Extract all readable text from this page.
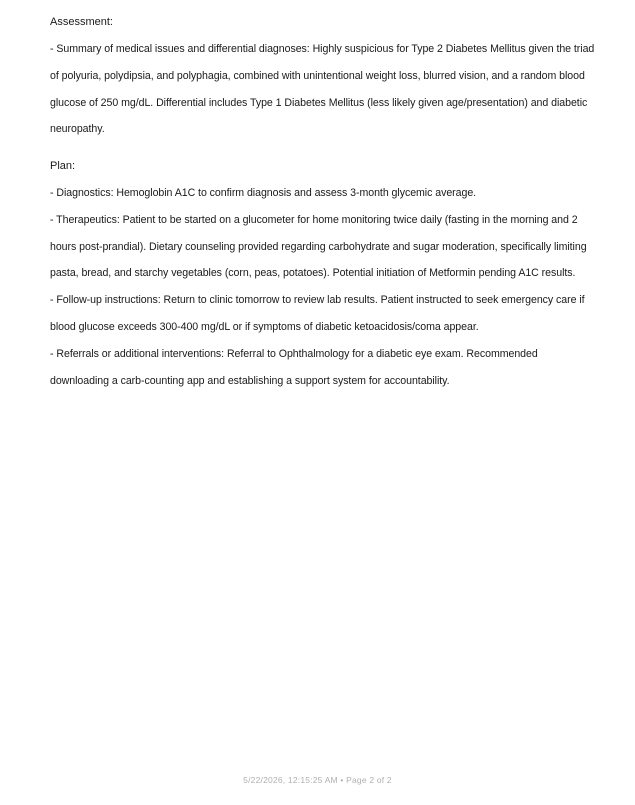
Assessment:

- Summary of medical issues and differential diagnoses: Highly suspicious for Type 2 Diabetes Mellitus given the triad of polyuria, polydipsia, and polyphagia, combined with unintentional weight loss, blurred vision, and a random blood glucose of 250 mg/dL. Differential includes Type 1 Diabetes Mellitus (less likely given age/presentation) and diabetic neuropathy.

Plan:

- Diagnostics: Hemoglobin A1C to confirm diagnosis and assess 3-month glycemic average.

- Therapeutics: Patient to be started on a glucometer for home monitoring twice daily (fasting in the morning and 2 hours post-prandial). Dietary counseling provided regarding carbohydrate and sugar moderation, specifically limiting pasta, bread, and starchy vegetables (corn, peas, potatoes). Potential initiation of Metformin pending A1C results.

- Follow-up instructions: Return to clinic tomorrow to review lab results. Patient instructed to seek emergency care if blood glucose exceeds 300-400 mg/dL or if symptoms of diabetic ketoacidosis/coma appear.

- Referrals or additional interventions: Referral to Ophthalmology for a diabetic eye exam. Recommended downloading a carb-counting app and establishing a support system for accountability.

5/22/2026, 12:15:25 AM • Page 2 of 2
